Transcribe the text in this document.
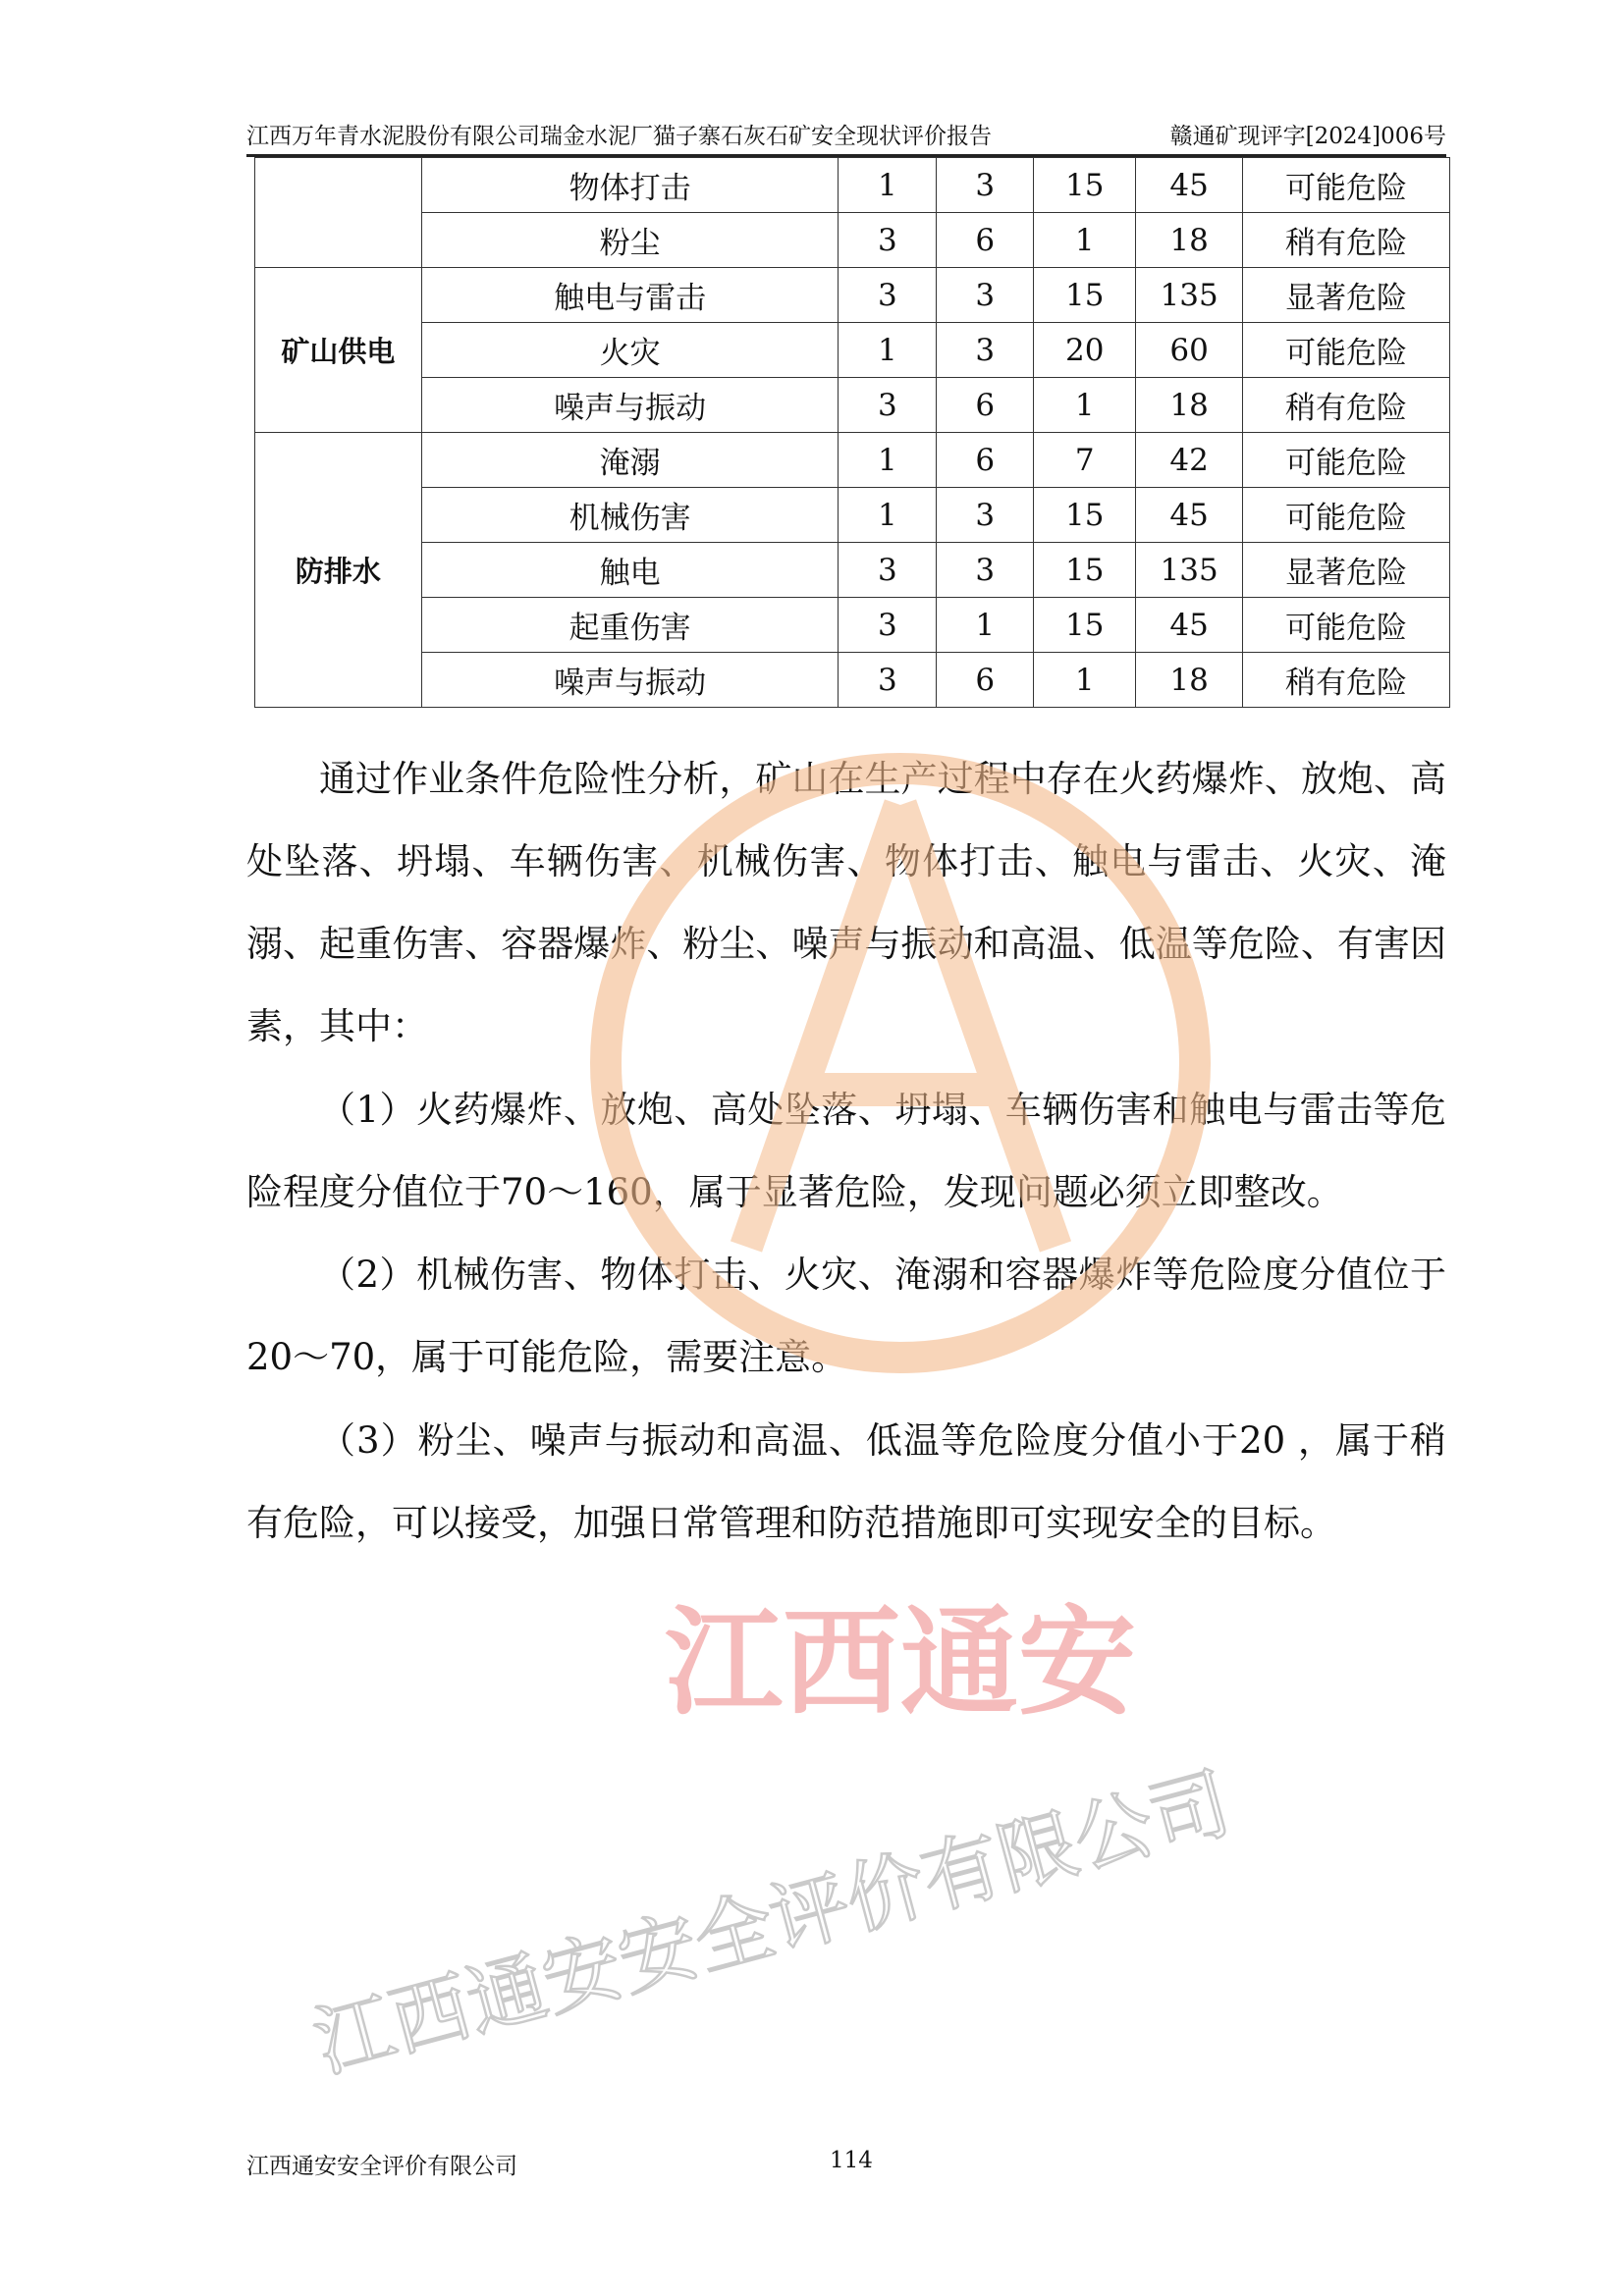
江西万年青水泥股份有限公司瑞金水泥厂猫子寨石灰石矿安全现状评价报告	赣通矿现评字[2024]006号
	物体打击	1	3	15	45	可能危险
	粉尘	3	6	1	18	稍有危险
矿山供电	触电与雷击	3	3	15	135	显著危险
	火灾	1	3	20	60	可能危险
	噪声与振动	3	6	1	18	稍有危险
防排水	淹溺	1	6	7	42	可能危险
	机械伤害	1	3	15	45	可能危险
	触电	3	3	15	135	显著危险
	起重伤害	3	1	15	45	可能危险
	噪声与振动	3	6	1	18	稍有危险
通过作业条件危险性分析，矿山在生产过程中存在火药爆炸、放炮、高处坠落、坍塌、车辆伤害、机械伤害、物体打击、触电与雷击、火灾、淹溺、起重伤害、容器爆炸、粉尘、噪声与振动和高温、低温等危险、有害因素，其中：
（1）火药爆炸、放炮、高处坠落、坍塌、车辆伤害和触电与雷击等危险程度分值位于70～160，属于显著危险，发现问题必须立即整改。
（2）机械伤害、物体打击、火灾、淹溺和容器爆炸等危险度分值位于20～70，属于可能危险，需要注意。
（3）粉尘、噪声与振动和高温、低温等危险度分值小于20 ，属于稍有危险，可以接受，加强日常管理和防范措施即可实现安全的目标。
江西通安
江西通安安全评价有限公司
江西通安安全评价有限公司	114
